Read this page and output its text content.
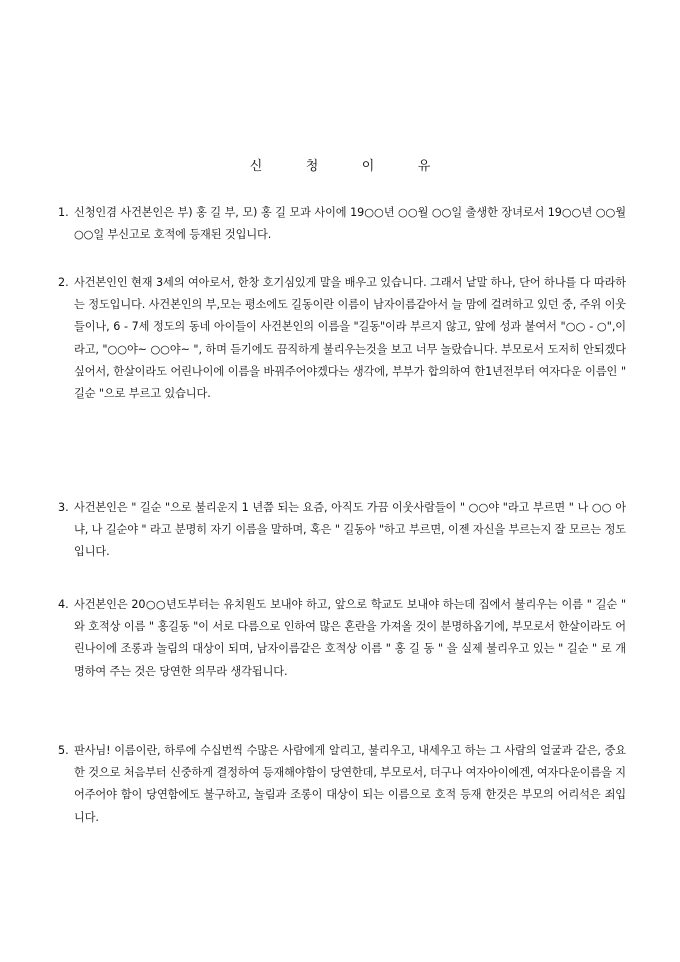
신	청	이	유
1. 신청인겸 사건본인은 부) 홍 길 부, 모) 홍 길 모과 사이에 19○○년 ○○월 ○○일 출생한 장녀로서 19○○년 ○○월 ○○일 부신고로 호적에 등재된 것입니다.
2. 사건본인인 현재 3세의 여아로서, 한창 호기심있게 말을 배우고 있습니다. 그래서 낱말 하나, 단어 하나를 다 따라하는 정도입니다. 사건본인의 부,모는 평소에도 길동이란 이름이 남자이름같아서 늘 맘에 걸려하고 있던 중, 주위 이웃들이나, 6 - 7세 정도의 동네 아이들이 사건본인의 이름을 "길동"이라 부르지 않고, 앞에 성과 붙여서 "○○ - ○",이라고, "○○야~ ○○야~ ", 하며 듣기에도 끔직하게 불리우는것을 보고 너무 놀랐습니다. 부모로서 도저히 안되겠다 싶어서, 한살이라도 어린나이에 이름을 바꿔주어야겠다는 생각에, 부부가 합의하여 한1년전부터 여자다운 이름인 " 길순 "으로 부르고 있습니다.
3. 사건본인은 " 길순 "으로 불리운지 1 년쯤 되는 요즘, 아직도 가끔 이웃사람들이 " ○○야 "라고 부르면 " 나 ○○ 아냐, 나 길순야 " 라고 분명히 자기 이름을 말하며, 혹은 " 길동아 "하고 부르면, 이젠 자신을 부르는지 잘 모르는 정도 입니다.
4. 사건본인은 20○○년도부터는 유치원도 보내야 하고, 앞으로 학교도 보내야 하는데 집에서 불리우는 이름 " 길순 " 와 호적상 이름 " 홍길동 "이 서로 다름으로 인하여 많은 혼란을 가져올 것이 분명하옵기에, 부모로서 한살이라도 어린나이에 조롱과 놀림의 대상이 되며, 남자이름같은 호적상 이름 " 홍 길 동 " 을 실제 불리우고 있는 " 길순 " 로 개명하여 주는 것은 당연한 의무라 생각됩니다.
5. 판사님! 이름이란, 하루에 수십번씩 수많은 사람에게 알리고, 불리우고, 내세우고 하는 그 사람의 얼굴과 같은, 중요한 것으로 처음부터 신중하게 결정하여 등재해야함이 당연한데, 부모로서, 더구나 여자아이에겐, 여자다운이름을 지어주어야 함이 당연함에도 불구하고, 놀림과 조롱이 대상이 되는 이름으로 호적 등재 한것은 부모의 어리석은 죄입니다.
